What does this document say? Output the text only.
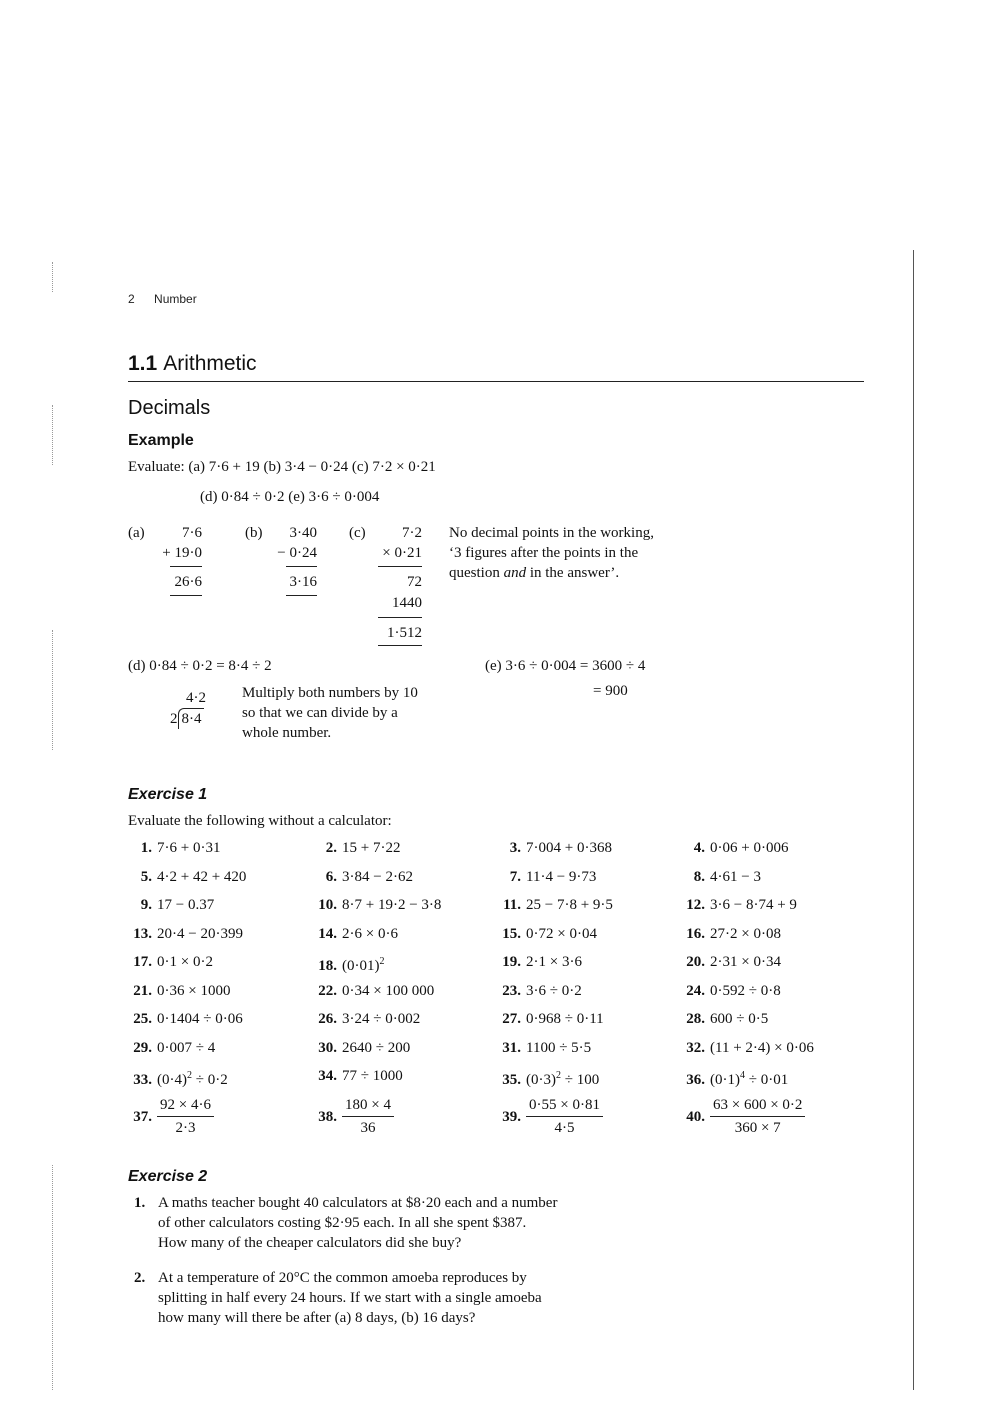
2 Number
1.1 Arithmetic
Decimals
Example
Evaluate: (a) 7·6 + 19 (b) 3·4 − 0·24 (c) 7·2 × 0·21
(d) 0·84 ÷ 0·2 (e) 3·6 ÷ 0·004
(a)	7·6
+ 19·0
26·6
(b)	3·40
− 0·24
3·16
(c)	7·2
× 0·21
72
1440
1·512
No decimal points in the working,
‘3 figures after the points in the
question and in the answer’.
(d) 0·84 ÷ 0·2 = 8·4 ÷ 2
4·2
2 8·4
Multiply both numbers by 10
so that we can divide by a
whole number.
(e) 3·6 ÷ 0·004 = 3600 ÷ 4
= 900
Exercise 1
Evaluate the following without a calculator:
1. 7·6 + 0·31	2. 15 + 7·22	3. 7·004 + 0·368	4. 0·06 + 0·006
5. 4·2 + 42 + 420	6. 3·84 − 2·62	7. 11·4 − 9·73	8. 4·61 − 3
9. 17 − 0.37	10. 8·7 + 19·2 − 3·8	11. 25 − 7·8 + 9·5	12. 3·6 − 8·74 + 9
13. 20·4 − 20·399	14. 2·6 × 0·6	15. 0·72 × 0·04	16. 27·2 × 0·08
17. 0·1 × 0·2	18. $(0\cdot 01)^2$	19. 2·1 × 3·6	20. 2·31 × 0·34
21. 0·36 × 1000	22. 0·34 × 100 000	23. 3·6 ÷ 0·2	24. 0·592 ÷ 0·8
25. 0·1404 ÷ 0·06	26. 3·24 ÷ 0·002	27. 0·968 ÷ 0·11	28. 600 ÷ 0·5
29. 0·007 ÷ 4	30. 2640 ÷ 200	31. 1100 ÷ 5·5	32. (11 + 2·4) × 0·06
33. $(0\cdot 4)^2 \div 0\cdot 2$	34. 77 ÷ 1000	35. $(0\cdot 3)^2 \div 100$	36. $(0\cdot 1)^4 \div 0\cdot 01$
37. $\frac{92 \times 4\cdot 6}{2\cdot 3}$	38. $\frac{180 \times 4}{36}$	39. $\frac{0\cdot 55 \times 0\cdot 81}{4\cdot 5}$	40. $\frac{63 \times 600 \times 0\cdot 2}{360 \times 7}$
Exercise 2
1. A maths teacher bought 40 calculators at $8·20 each and a number
of other calculators costing $2·95 each. In all she spent $387.
How many of the cheaper calculators did she buy?
2. At a temperature of 20°C the common amoeba reproduces by
splitting in half every 24 hours. If we start with a single amoeba
how many will there be after (a) 8 days, (b) 16 days?
